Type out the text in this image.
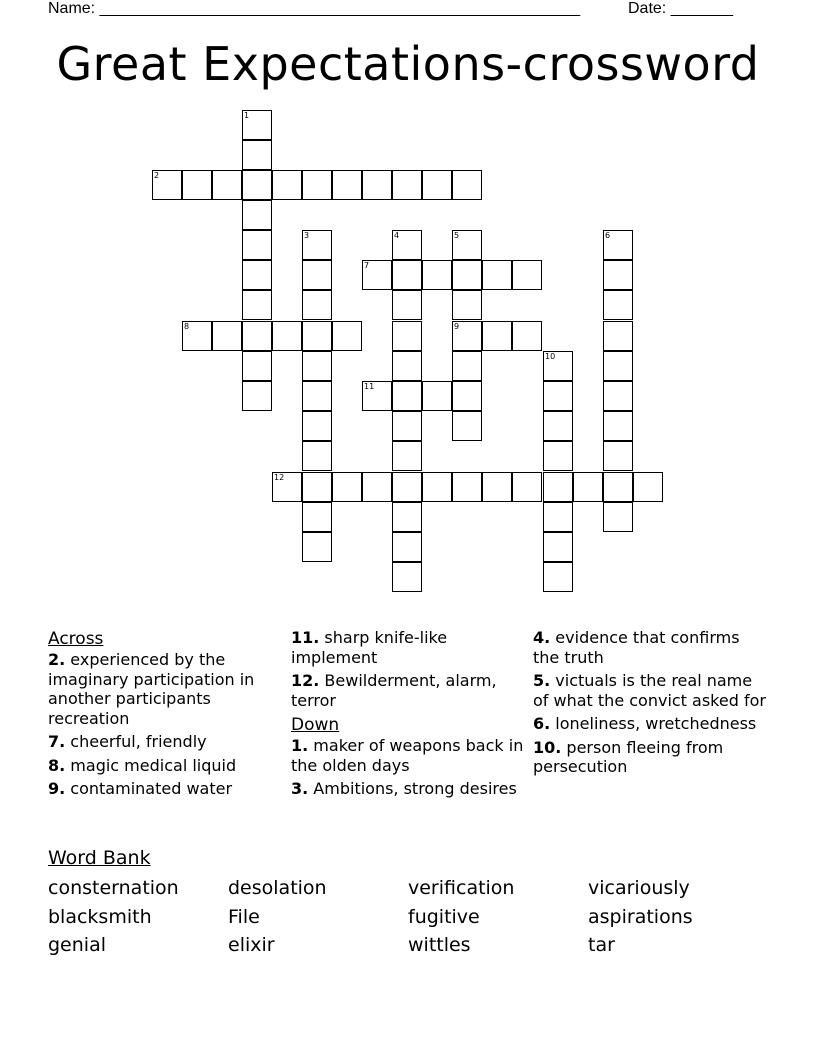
Name: ______________________________________________________	Date: _______
Great Expectations-crossword
1
2
3	4	5	6
7
8	9
10
11
12
Across

2. experienced by the imaginary participation in another participants recreation

7. cheerful, friendly

8. magic medical liquid

9. contaminated water

11. sharp knife-like implement

12. Bewilderment, alarm, terror

Down

1. maker of weapons back in the olden days

3. Ambitions, strong desires

4. evidence that confirms the truth

5. victuals is the real name of what the convict asked for

6. loneliness, wretchedness

10. person fleeing from persecution

Word Bank
consternation	desolation	verification	vicariously
blacksmith	File	fugitive	aspirations
genial	elixir	wittles	tar
